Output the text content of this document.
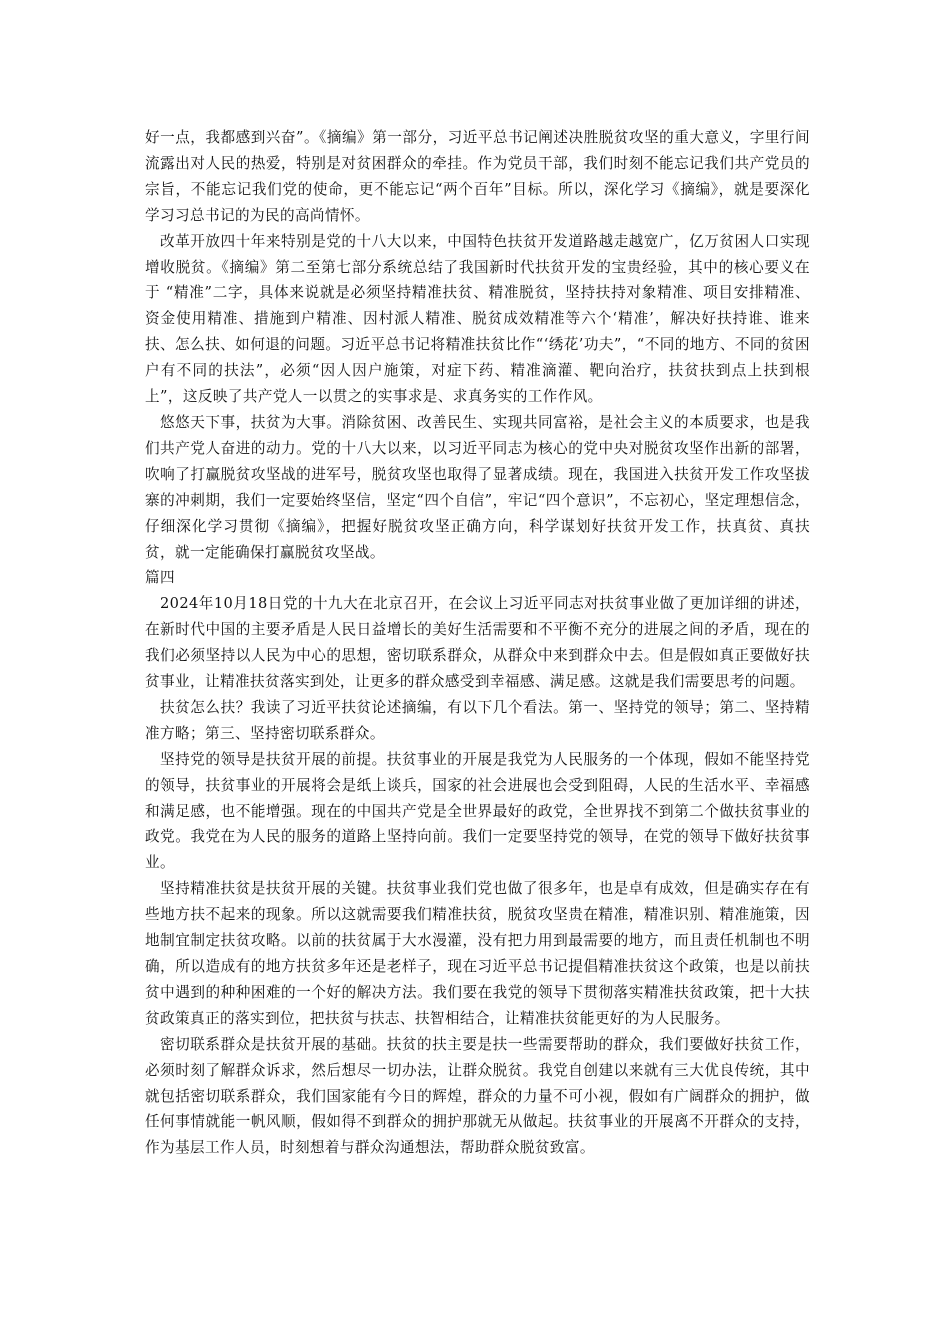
好一点，我都感到兴奋”。《摘编》第一部分，习近平总书记阐述决胜脱贫攻坚的重大意义，字里行间流露出对人民的热爱，特别是对贫困群众的牵挂。作为党员干部，我们时刻不能忘记我们共产党员的宗旨，不能忘记我们党的使命，更不能忘记“两个百年”目标。所以，深化学习《摘编》，就是要深化学习习总书记的为民的高尚情怀。

改革开放四十年来特别是党的十八大以来，中国特色扶贫开发道路越走越宽广，亿万贫困人口实现增收脱贫。《摘编》第二至第七部分系统总结了我国新时代扶贫开发的宝贵经验，其中的核心要义在于 “精准”二字，具体来说就是必须坚持精准扶贫、精准脱贫，坚持扶持对象精准、项目安排精准、资金使用精准、措施到户精准、因村派人精准、脱贫成效精准等六个‘精准’，解决好扶持谁、谁来扶、怎么扶、如何退的问题。习近平总书记将精准扶贫比作“‘绣花’功夫”，“不同的地方、不同的贫困户有不同的扶法”，必须“因人因户施策，对症下药、精准滴灌、靶向治疗，扶贫扶到点上扶到根上”，这反映了共产党人一以贯之的实事求是、求真务实的工作作风。

悠悠天下事，扶贫为大事。消除贫困、改善民生、实现共同富裕，是社会主义的本质要求，也是我们共产党人奋进的动力。党的十八大以来，以习近平同志为核心的党中央对脱贫攻坚作出新的部署，吹响了打赢脱贫攻坚战的进军号，脱贫攻坚也取得了显著成绩。现在，我国进入扶贫开发工作攻坚拔寨的冲刺期，我们一定要始终坚信，坚定“四个自信”，牢记“四个意识”，不忘初心，坚定理想信念，仔细深化学习贯彻《摘编》，把握好脱贫攻坚正确方向，科学谋划好扶贫开发工作，扶真贫、真扶贫，就一定能确保打赢脱贫攻坚战。

篇四

2024年10月18日党的十九大在北京召开，在会议上习近平同志对扶贫事业做了更加详细的讲述，在新时代中国的主要矛盾是人民日益增长的美好生活需要和不平衡不充分的进展之间的矛盾，现在的我们必须坚持以人民为中心的思想，密切联系群众，从群众中来到群众中去。但是假如真正要做好扶贫事业，让精准扶贫落实到处，让更多的群众感受到幸福感、满足感。这就是我们需要思考的问题。

扶贫怎么扶？我读了习近平扶贫论述摘编，有以下几个看法。第一、坚持党的领导；第二、坚持精准方略；第三、坚持密切联系群众。

坚持党的领导是扶贫开展的前提。扶贫事业的开展是我党为人民服务的一个体现，假如不能坚持党的领导，扶贫事业的开展将会是纸上谈兵，国家的社会进展也会受到阻碍，人民的生活水平、幸福感和满足感，也不能增强。现在的中国共产党是全世界最好的政党，全世界找不到第二个做扶贫事业的政党。我党在为人民的服务的道路上坚持向前。我们一定要坚持党的领导，在党的领导下做好扶贫事业。

坚持精准扶贫是扶贫开展的关键。扶贫事业我们党也做了很多年，也是卓有成效，但是确实存在有些地方扶不起来的现象。所以这就需要我们精准扶贫，脱贫攻坚贵在精准，精准识别、精准施策，因地制宜制定扶贫攻略。以前的扶贫属于大水漫灌，没有把力用到最需要的地方，而且责任机制也不明确，所以造成有的地方扶贫多年还是老样子，现在习近平总书记提倡精准扶贫这个政策，也是以前扶贫中遇到的种种困难的一个好的解决方法。我们要在我党的领导下贯彻落实精准扶贫政策，把十大扶贫政策真正的落实到位，把扶贫与扶志、扶智相结合，让精准扶贫能更好的为人民服务。

密切联系群众是扶贫开展的基础。扶贫的扶主要是扶一些需要帮助的群众，我们要做好扶贫工作，必须时刻了解群众诉求，然后想尽一切办法，让群众脱贫。我党自创建以来就有三大优良传统，其中就包括密切联系群众，我们国家能有今日的辉煌，群众的力量不可小视，假如有广阔群众的拥护，做任何事情就能一帆风顺，假如得不到群众的拥护那就无从做起。扶贫事业的开展离不开群众的支持，作为基层工作人员，时刻想着与群众沟通想法，帮助群众脱贫致富。
